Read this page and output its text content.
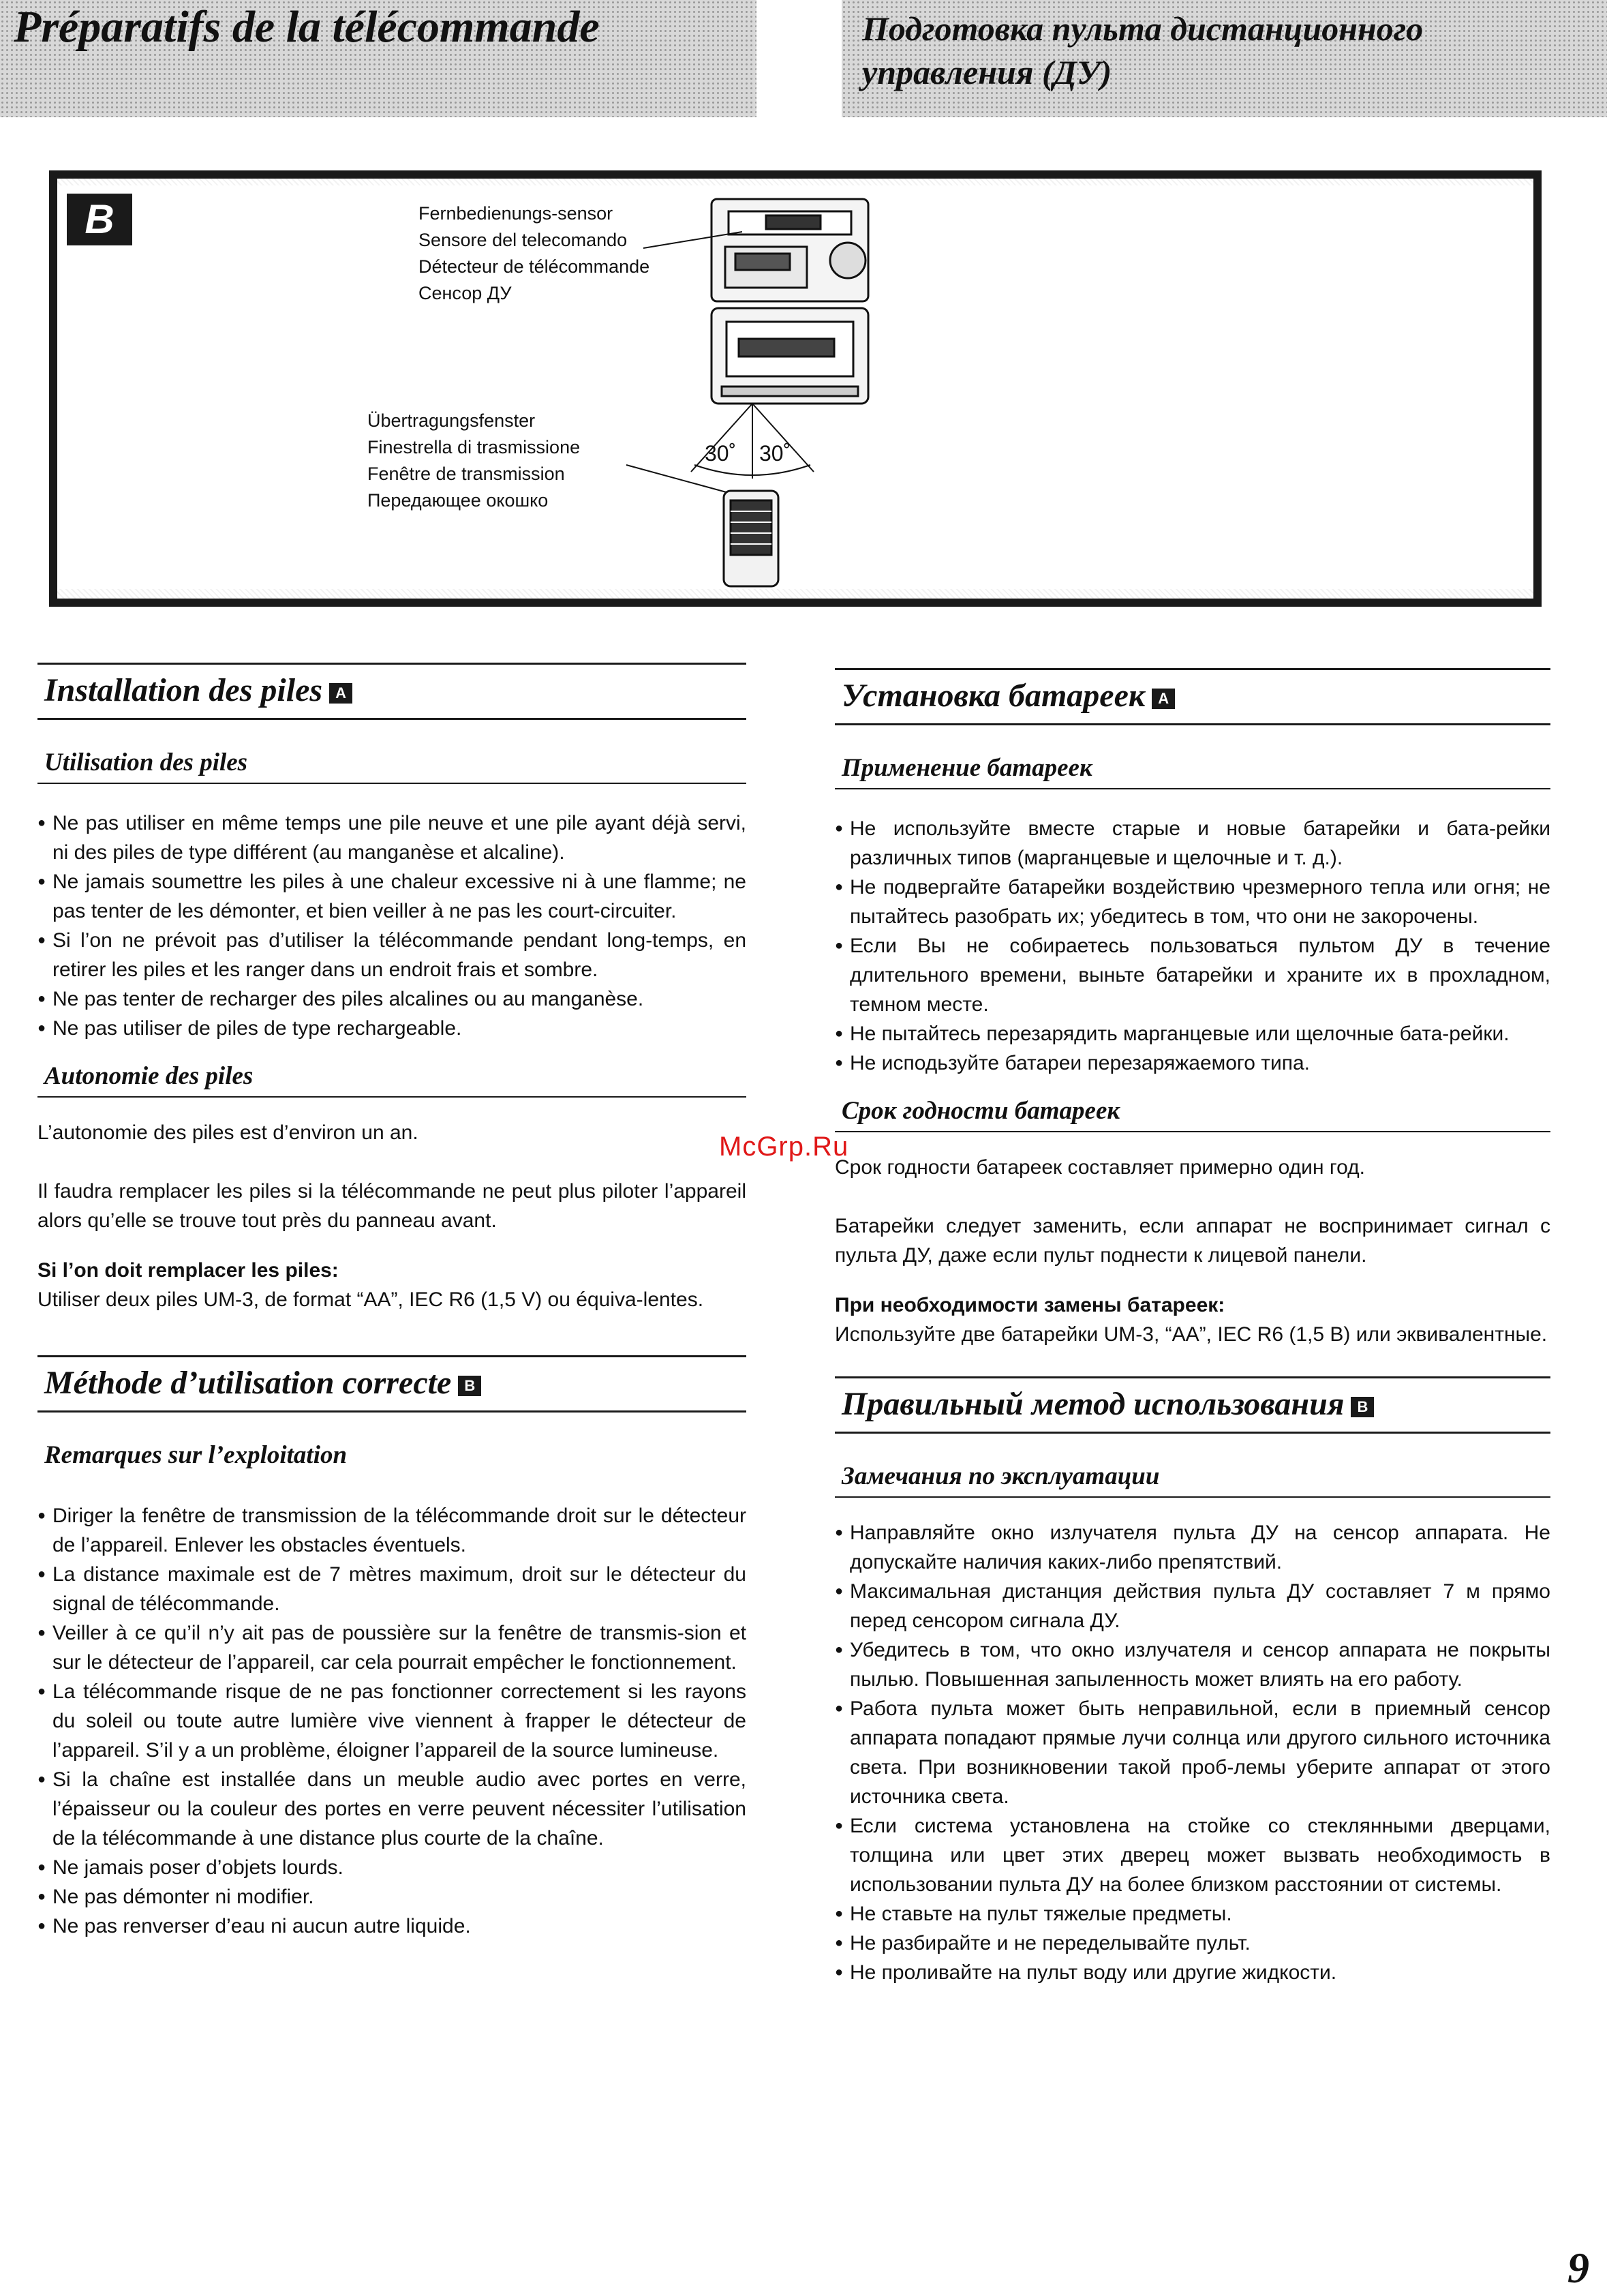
Préparatifs de la télécommande	Подготовка пульта дистанционного
управления (ДУ)
B	Fernbedienungs-sensor
Sensore del telecomando
Détecteur de télécommande
Сенсор ДУ
Übertragungsfenster
Finestrella di trasmissione
Fenêtre de transmission
Передающее окошко
30˚ 30˚
Installation des piles A
Utilisation des piles
● Ne pas utiliser en même temps une pile neuve et une pile ayant déjà servi, ni des piles de type différent (au manganèse et alcaline).
● Ne jamais soumettre les piles à une chaleur excessive ni à une flamme; ne pas tenter de les démonter, et bien veiller à ne pas les court-circuiter.
● Si l’on ne prévoit pas d’utiliser la télécommande pendant long-temps, en retirer les piles et les ranger dans un endroit frais et sombre.
● Ne pas tenter de recharger des piles alcalines ou au manganèse.
● Ne pas utiliser de piles de type rechargeable.
Autonomie des piles

L’autonomie des piles est d’environ un an.

Il faudra remplacer les piles si la télécommande ne peut plus piloter l’appareil alors qu’elle se trouve tout près du panneau avant.

Si l’on doit remplacer les piles:

Utiliser deux piles UM-3, de format “AA”, IEC R6 (1,5 V) ou équiva-lentes.

Méthode d’utilisation correcte B
Remarques sur l’exploitation
● Diriger la fenêtre de transmission de la télécommande droit sur le détecteur de l’appareil. Enlever les obstacles éventuels.
● La distance maximale est de 7 mètres maximum, droit sur le détecteur du signal de télécommande.
● Veiller à ce qu’il n’y ait pas de poussière sur la fenêtre de transmis-sion et sur le détecteur de l’appareil, car cela pourrait empêcher le fonctionnement.
● La télécommande risque de ne pas fonctionner correctement si les rayons du soleil ou toute autre lumière vive viennent à frapper le détecteur de l’appareil. S’il y a un problème, éloigner l’appareil de la source lumineuse.
● Si la chaîne est installée dans un meuble audio avec portes en verre, l’épaisseur ou la couleur des portes en verre peuvent nécessiter l’utilisation de la télécommande à une distance plus courte de la chaîne.
● Ne jamais poser d’objets lourds.
● Ne pas démonter ni modifier.
● Ne pas renverser d’eau ni aucun autre liquide.
Установка батареек A
Применение батареек
● Не используйте вместе старые и новые батарейки и бата-рейки различных типов (марганцевые и щелочные и т. д.).
● Не подвергайте батарейки воздействию чрезмерного тепла или огня; не пытайтесь разобрать их; убедитесь в том, что они не закорочены.
● Если Вы не собираетесь пользоваться пультом ДУ в течение длительного времени, выньте батарейки и храните их в прохладном, темном месте.
● Не пытайтесь перезарядить марганцевые или щелочные бата-рейки.
● Не исподьзуйте батареи перезаряжаемого типа.
Срок годности батареек

Срок годности батареек составляет примерно один год.

Батарейки следует заменить, если аппарат не воспринимает сигнал с пульта ДУ, даже если пульт поднести к лицевой панели.

При необходимости замены батареек:

Используйте две батарейки UM-3, “AA”, IEC R6 (1,5 В) или эквивалентные.

Правильный метод использования B
Замечания по эксплуатации
● Направляйте окно излучателя пульта ДУ на сенсор аппарата. Не допускайте наличия каких-либо препятствий.
● Максимальная дистанция действия пульта ДУ составляет 7 м прямо перед сенсором сигнала ДУ.
● Убедитесь в том, что окно излучателя и сенсор аппарата не покрыты пылью. Повышенная запыленность может влиять на его работу.
● Работа пульта может быть неправильной, если в приемный сенсор аппарата попадают прямые лучи солнца или другого сильного источника света. При возникновении такой проб-лемы уберите аппарат от этого источника света.
● Если система установлена на стойке со стеклянными дверцами, толщина или цвет этих дверец может вызвать необходимость в использовании пульта ДУ на более близком расстоянии от системы.
● Не ставьте на пульт тяжелые предметы.
● Не разбирайте и не переделывайте пульт.
● Не проливайте на пульт воду или другие жидкости.
McGrp.Ru
9
